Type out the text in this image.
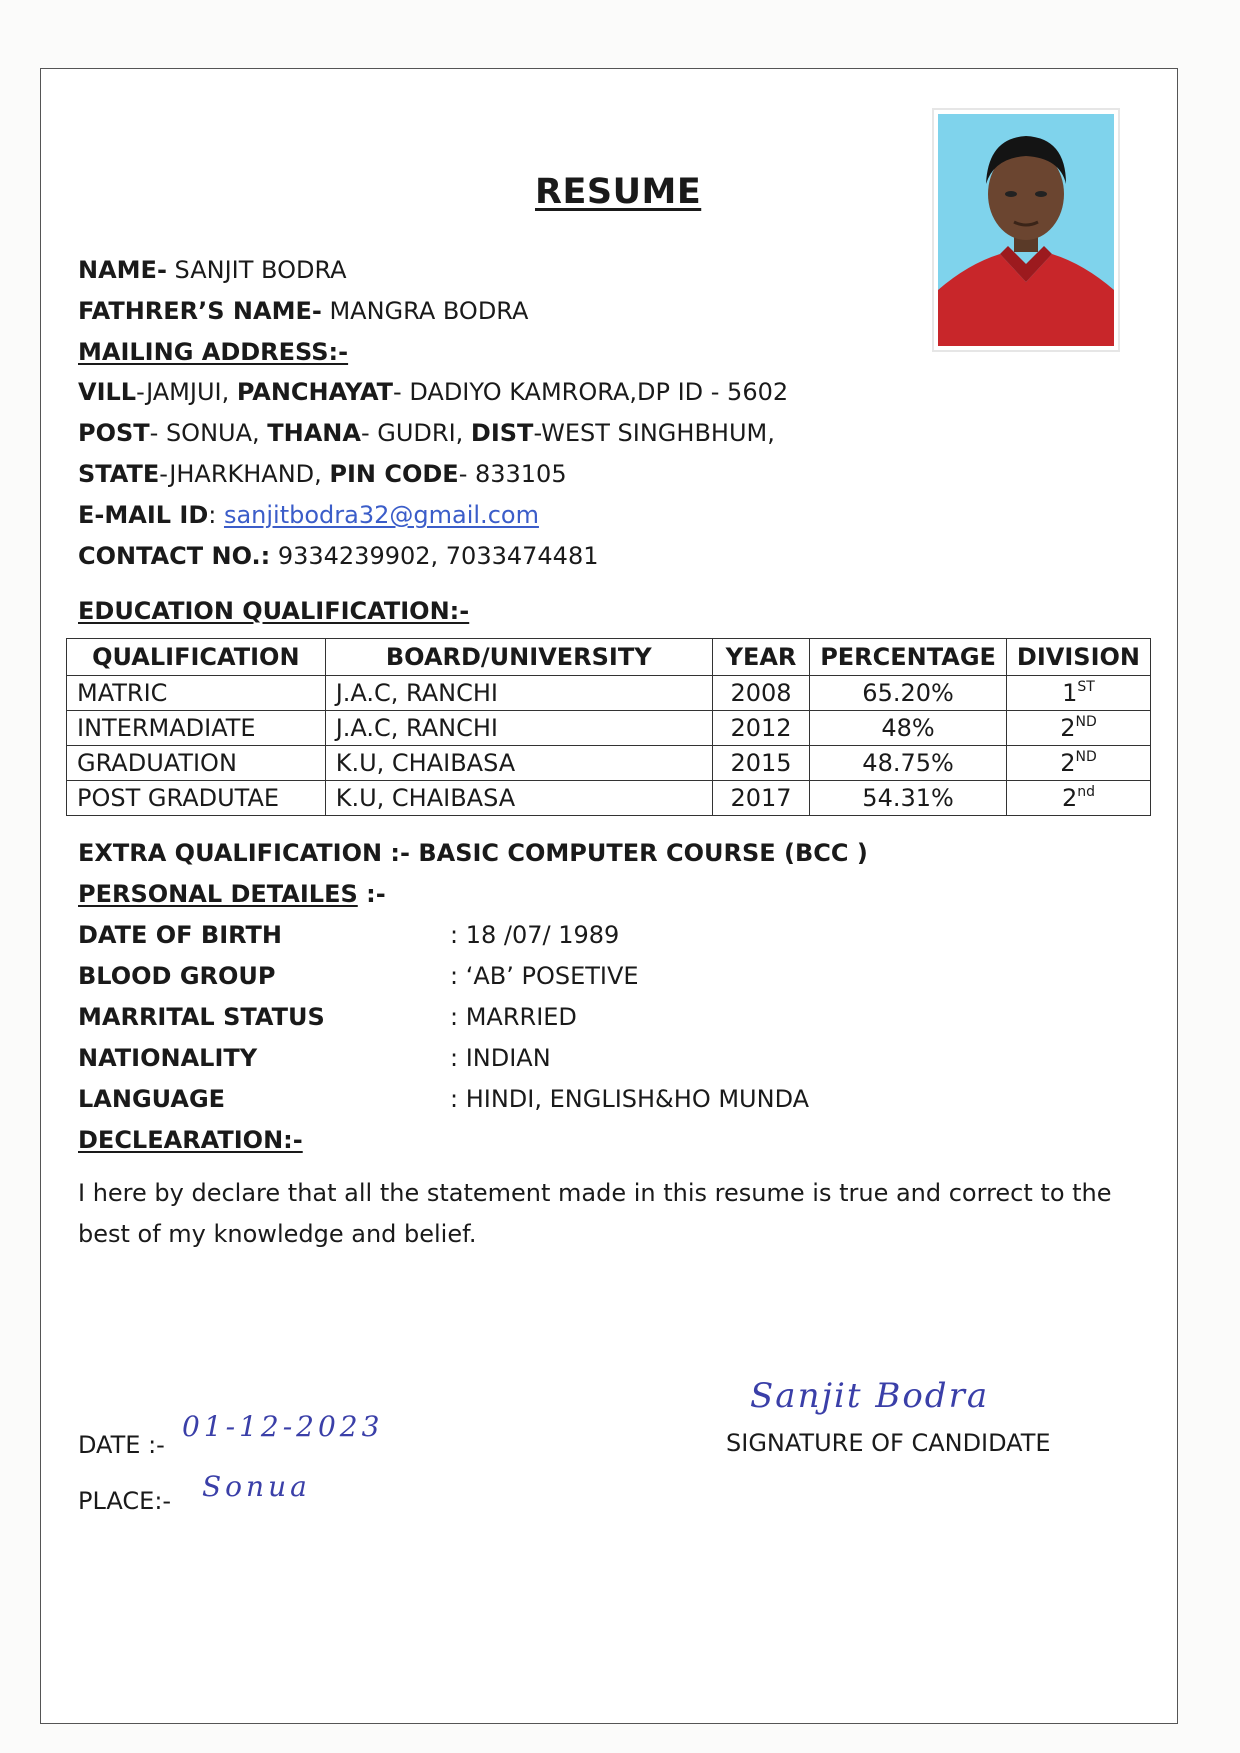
RESUME
NAME- SANJIT BODRA
FATHRER’S NAME- MANGRA BODRA
MAILING ADDRESS:-
VILL-JAMJUI, PANCHAYAT- DADIYO KAMRORA,DP ID - 5602
POST- SONUA, THANA- GUDRI, DIST-WEST SINGHBHUM,
STATE-JHARKHAND, PIN CODE- 833105
E-MAIL ID: sanjitbodra32@gmail.com
CONTACT NO.: 9334239902, 7033474481
EDUCATION QUALIFICATION:-
QUALIFICATION	BOARD/UNIVERSITY	YEAR	PERCENTAGE	DIVISION
MATRIC	J.A.C, RANCHI	2008	65.20%	1ST
INTERMADIATE	J.A.C, RANCHI	2012	48%	2ND
GRADUATION	K.U, CHAIBASA	2015	48.75%	2ND
POST GRADUTAE	K.U, CHAIBASA	2017	54.31%	2nd
EXTRA QUALIFICATION :- BASIC COMPUTER COURSE (BCC )
PERSONAL DETAILES :-
DATE OF BIRTH	: 18 /07/ 1989
BLOOD GROUP	: ‘AB’ POSETIVE
MARRITAL STATUS	: MARRIED
NATIONALITY	: INDIAN
LANGUAGE	: HINDI, ENGLISH&HO MUNDA
DECLEARATION:-
I here by declare that all the statement made in this resume is true and correct to the best of my knowledge and belief.
DATE :-
01-12-2023
PLACE:- Sonua
Sanjit Bodra
SIGNATURE OF CANDIDATE
